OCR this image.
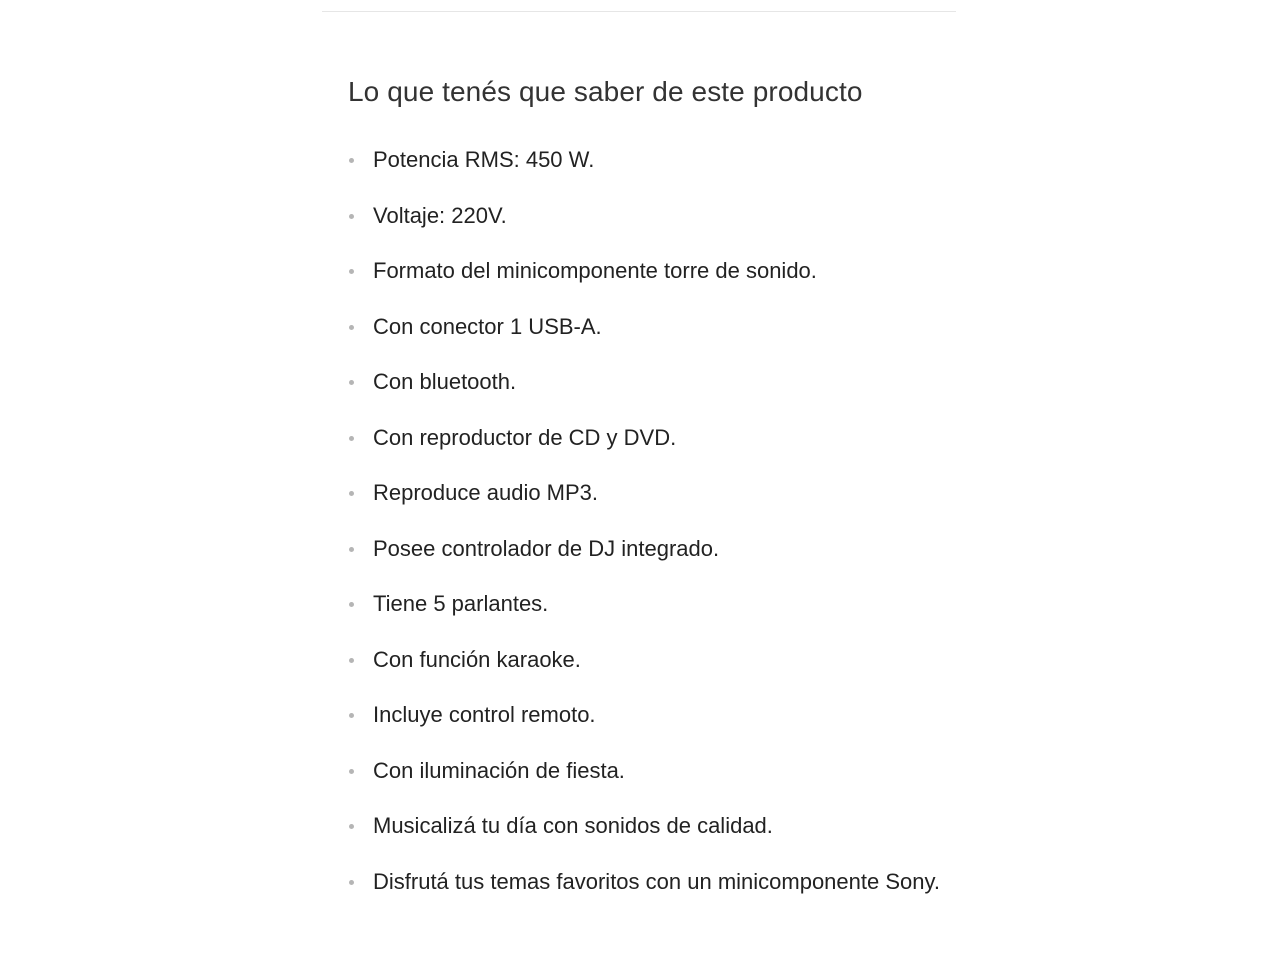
Lo que tenés que saber de este producto
Potencia RMS: 450 W.
Voltaje: 220V.
Formato del minicomponente torre de sonido.
Con conector 1 USB-A.
Con bluetooth.
Con reproductor de CD y DVD.
Reproduce audio MP3.
Posee controlador de DJ integrado.
Tiene 5 parlantes.
Con función karaoke.
Incluye control remoto.
Con iluminación de fiesta.
Musicalizá tu día con sonidos de calidad.
Disfrutá tus temas favoritos con un minicomponente Sony.
